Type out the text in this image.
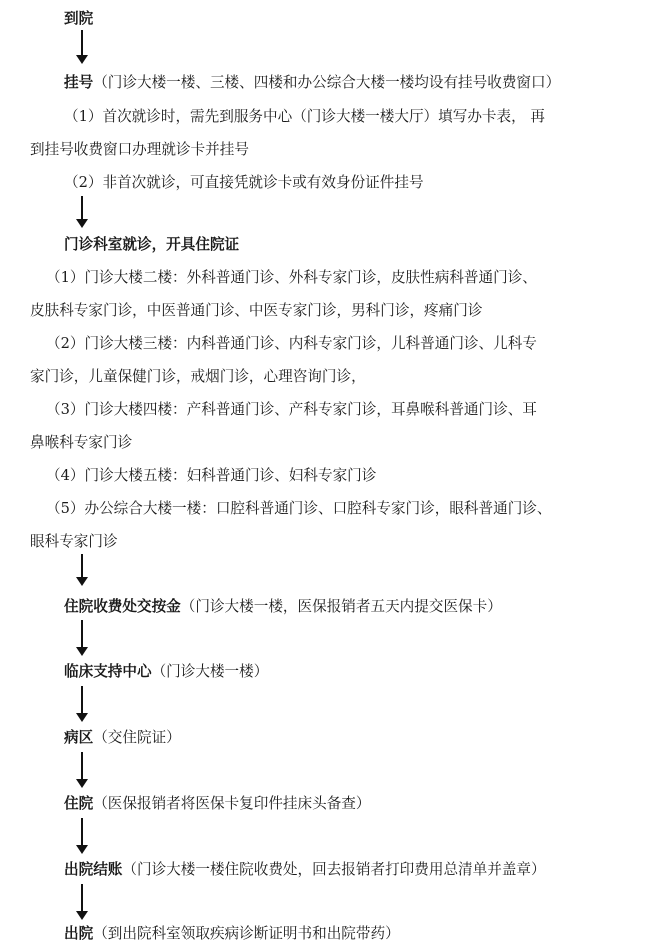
到院
挂号（门诊大楼一楼、三楼、四楼和办公综合大楼一楼均设有挂号收费窗口）
（1）首次就诊时，需先到服务中心（门诊大楼一楼大厅）填写办卡表， 再
到挂号收费窗口办理就诊卡并挂号
（2）非首次就诊，可直接凭就诊卡或有效身份证件挂号
门诊科室就诊，开具住院证
（1）门诊大楼二楼：外科普通门诊、外科专家门诊，皮肤性病科普通门诊、
皮肤科专家门诊，中医普通门诊、中医专家门诊，男科门诊，疼痛门诊
（2）门诊大楼三楼：内科普通门诊、内科专家门诊，儿科普通门诊、儿科专
家门诊，儿童保健门诊，戒烟门诊，心理咨询门诊，
（3）门诊大楼四楼：产科普通门诊、产科专家门诊，耳鼻喉科普通门诊、耳
鼻喉科专家门诊
（4）门诊大楼五楼：妇科普通门诊、妇科专家门诊
（5）办公综合大楼一楼：口腔科普通门诊、口腔科专家门诊，眼科普通门诊、
眼科专家门诊
住院收费处交按金（门诊大楼一楼，医保报销者五天内提交医保卡）
临床支持中心（门诊大楼一楼）
病区（交住院证）
住院（医保报销者将医保卡复印件挂床头备查）
出院结账（门诊大楼一楼住院收费处，回去报销者打印费用总清单并盖章）
出院（到出院科室领取疾病诊断证明书和出院带药）
